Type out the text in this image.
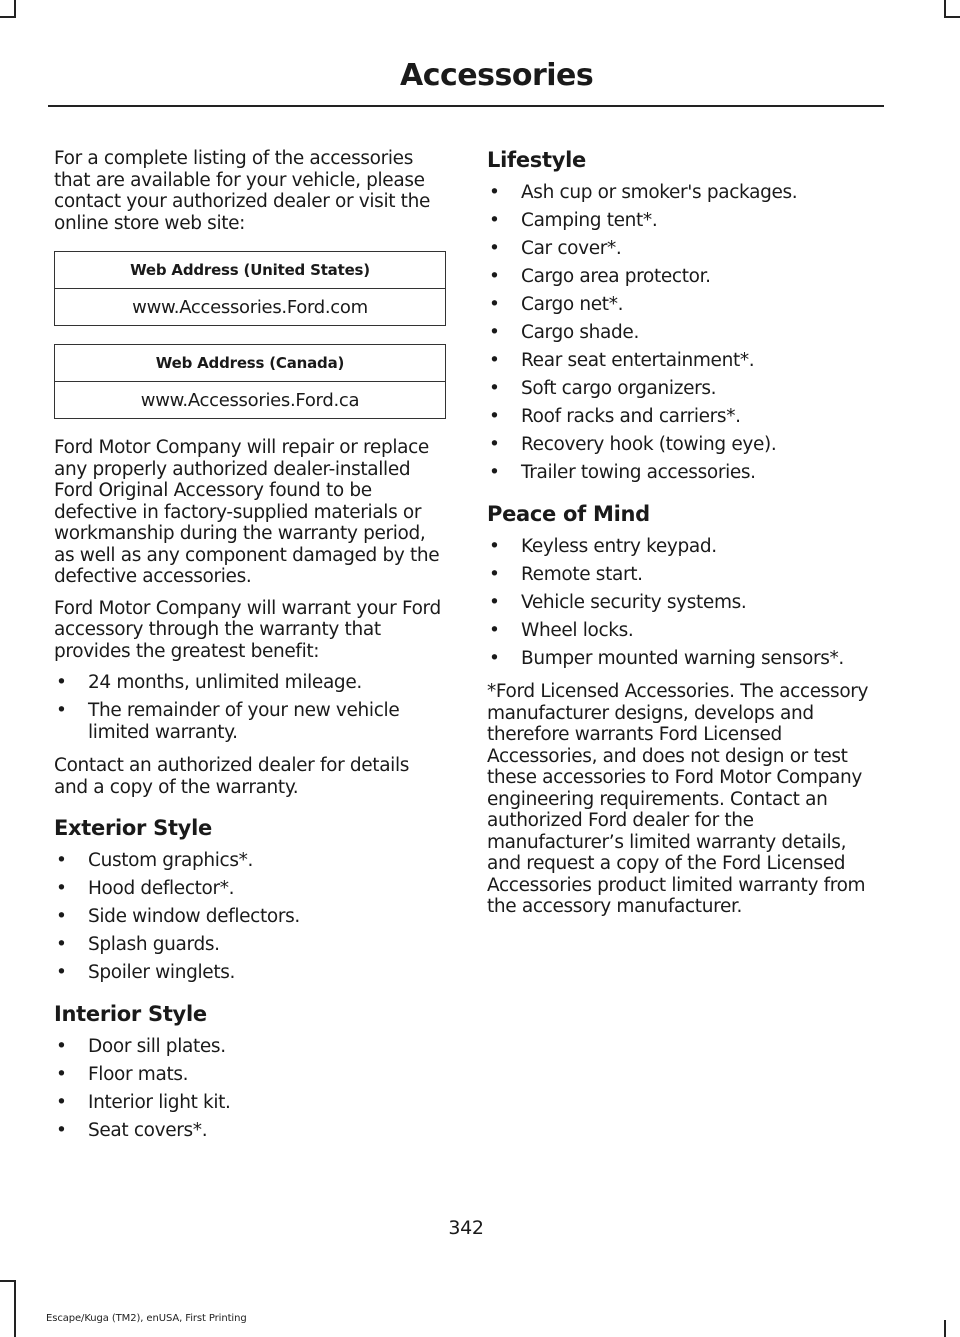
Accessories

For a complete listing of the accessories that are available for your vehicle, please contact your authorized dealer or visit the online store web site:

Web Address (United States)
www.Accessories.Ford.com
Web Address (Canada)
www.Accessories.Ford.ca

Ford Motor Company will repair or replace any properly authorized dealer-installed Ford Original Accessory found to be defective in factory-supplied materials or workmanship during the warranty period, as well as any component damaged by the defective accessories.

Ford Motor Company will warrant your Ford accessory through the warranty that provides the greatest benefit:

• 24 months, unlimited mileage.
• The remainder of your new vehicle limited warranty.

Contact an authorized dealer for details and a copy of the warranty.

Exterior Style
• Custom graphics*.
• Hood deflector*.
• Side window deflectors.
• Splash guards.
• Spoiler winglets.
Interior Style
• Door sill plates.
• Floor mats.
• Interior light kit.
• Seat covers*.
Lifestyle
• Ash cup or smoker's packages.
• Camping tent*.
• Car cover*.
• Cargo area protector.
• Cargo net*.
• Cargo shade.
• Rear seat entertainment*.
• Soft cargo organizers.
• Roof racks and carriers*.
• Recovery hook (towing eye).
• Trailer towing accessories.
Peace of Mind
• Keyless entry keypad.
• Remote start.
• Vehicle security systems.
• Wheel locks.
• Bumper mounted warning sensors*.

*Ford Licensed Accessories. The accessory manufacturer designs, develops and therefore warrants Ford Licensed Accessories, and does not design or test these accessories to Ford Motor Company engineering requirements. Contact an authorized Ford dealer for the manufacturer’s limited warranty details, and request a copy of the Ford Licensed Accessories product limited warranty from the accessory manufacturer.

342
Escape/Kuga (TM2), enUSA, First Printing
